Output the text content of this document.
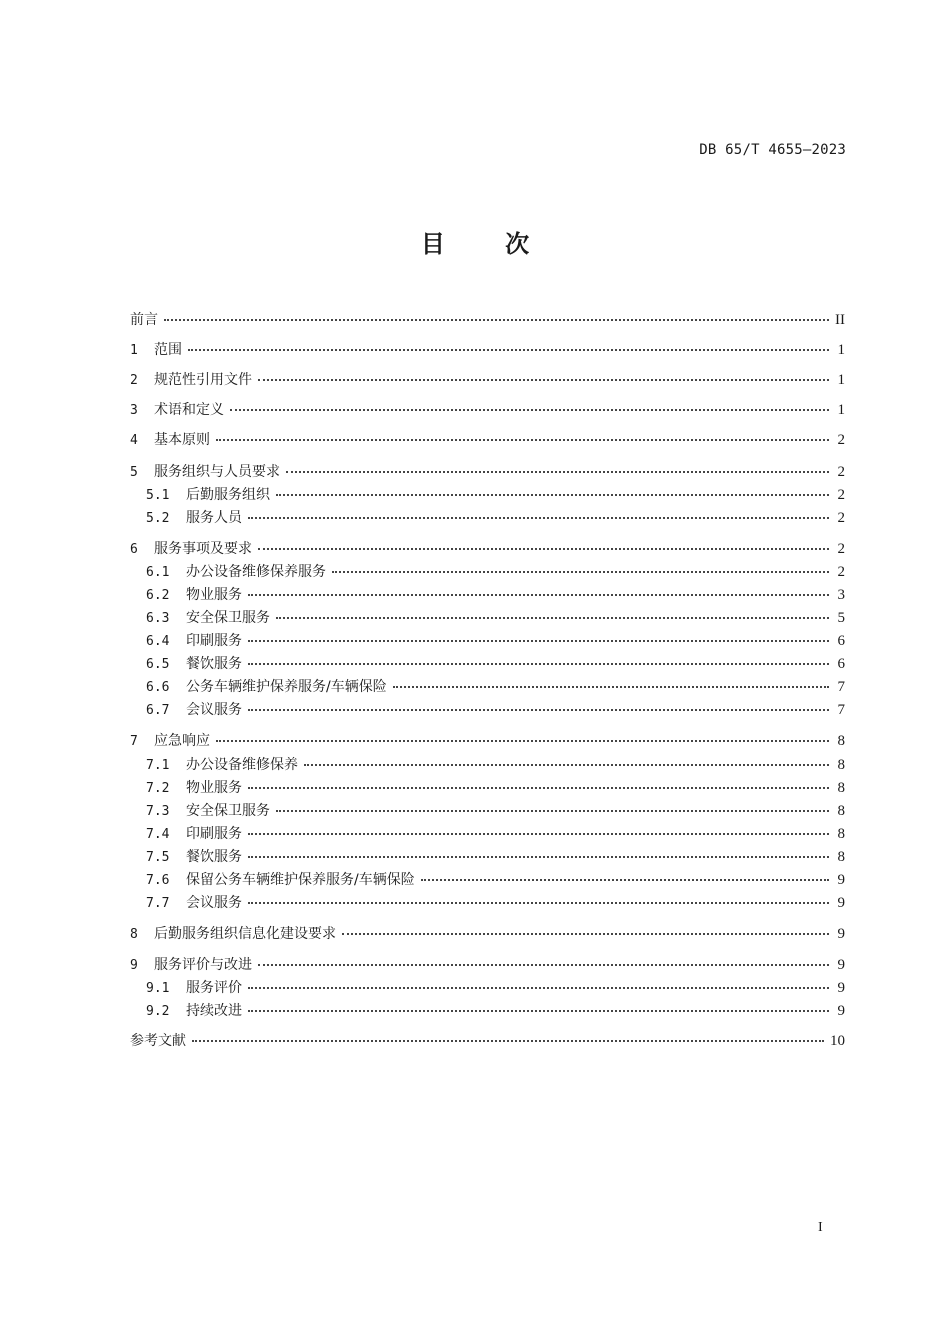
DB 65/T 4655—2023
目 次
前言	II
1	范围	1
2	规范性引用文件	1
3	术语和定义	1
4	基本原则	2
5	服务组织与人员要求	2
5.1	后勤服务组织	2
5.2	服务人员	2
6	服务事项及要求	2
6.1	办公设备维修保养服务	2
6.2	物业服务	3
6.3	安全保卫服务	5
6.4	印刷服务	6
6.5	餐饮服务	6
6.6	公务车辆维护保养服务/车辆保险	7
6.7	会议服务	7
7	应急响应	8
7.1	办公设备维修保养	8
7.2	物业服务	8
7.3	安全保卫服务	8
7.4	印刷服务	8
7.5	餐饮服务	8
7.6	保留公务车辆维护保养服务/车辆保险	9
7.7	会议服务	9
8	后勤服务组织信息化建设要求	9
9	服务评价与改进	9
9.1	服务评价	9
9.2	持续改进	9
参考文献	10
I
